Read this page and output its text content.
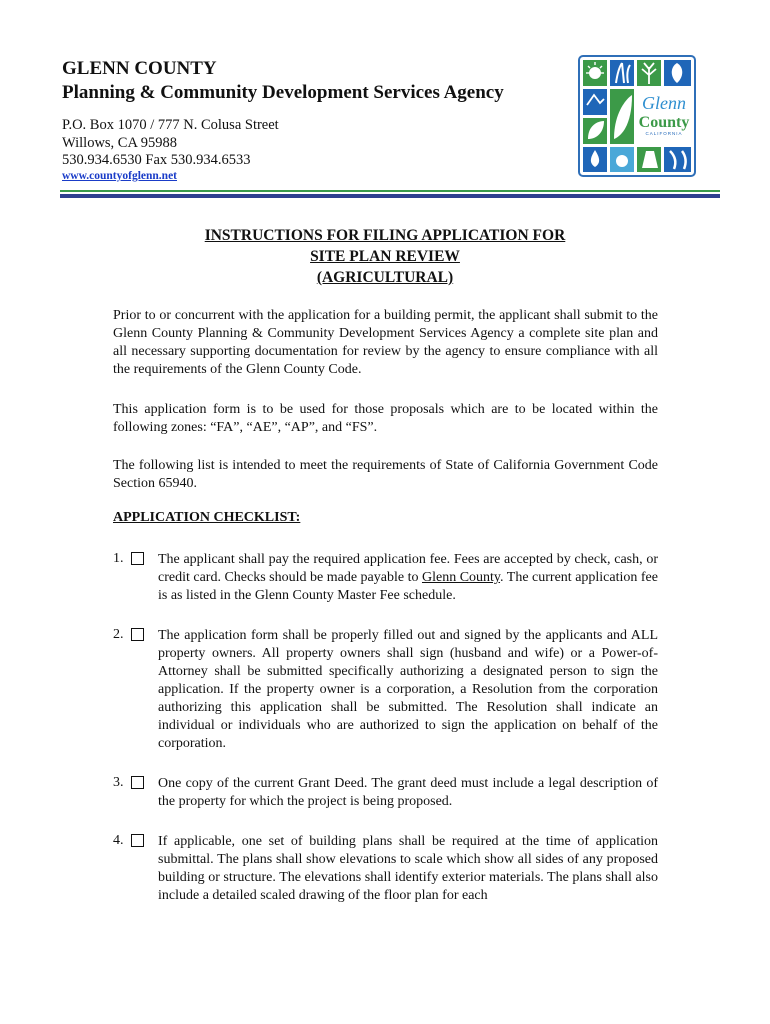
GLENN COUNTY
Planning & Community Development Services Agency
P.O. Box 1070 / 777 N. Colusa Street
Willows, CA 95988
530.934.6530 Fax 530.934.6533
www.countyofglenn.net
Glenn
County
CALIFORNIA
INSTRUCTIONS FOR FILING APPLICATION FOR
SITE PLAN REVIEW
(AGRICULTURAL)
Prior to or concurrent with the application for a building permit, the applicant shall submit to the Glenn County Planning & Community Development Services Agency a complete site plan and all necessary supporting documentation for review by the agency to ensure compliance with all the requirements of the Glenn County Code.
This application form is to be used for those proposals which are to be located within the following zones: “FA”, “AE”, “AP”, and “FS”.
The following list is intended to meet the requirements of State of California Government Code Section 65940.
APPLICATION CHECKLIST:
1. The applicant shall pay the required application fee. Fees are accepted by check, cash, or credit card. Checks should be made payable to Glenn County. The current application fee is as listed in the Glenn County Master Fee schedule.
2. The application form shall be properly filled out and signed by the applicants and ALL property owners. All property owners shall sign (husband and wife) or a Power-of-Attorney shall be submitted specifically authorizing a designated person to sign the application. If the property owner is a corporation, a Resolution from the corporation authorizing this application shall be submitted. The Resolution shall indicate an individual or individuals who are authorized to sign the application on behalf of the corporation.
3. One copy of the current Grant Deed. The grant deed must include a legal description of the property for which the project is being proposed.
4. If applicable, one set of building plans shall be required at the time of application submittal. The plans shall show elevations to scale which show all sides of any proposed building or structure. The elevations shall identify exterior materials. The plans shall also include a detailed scaled drawing of the floor plan for each
